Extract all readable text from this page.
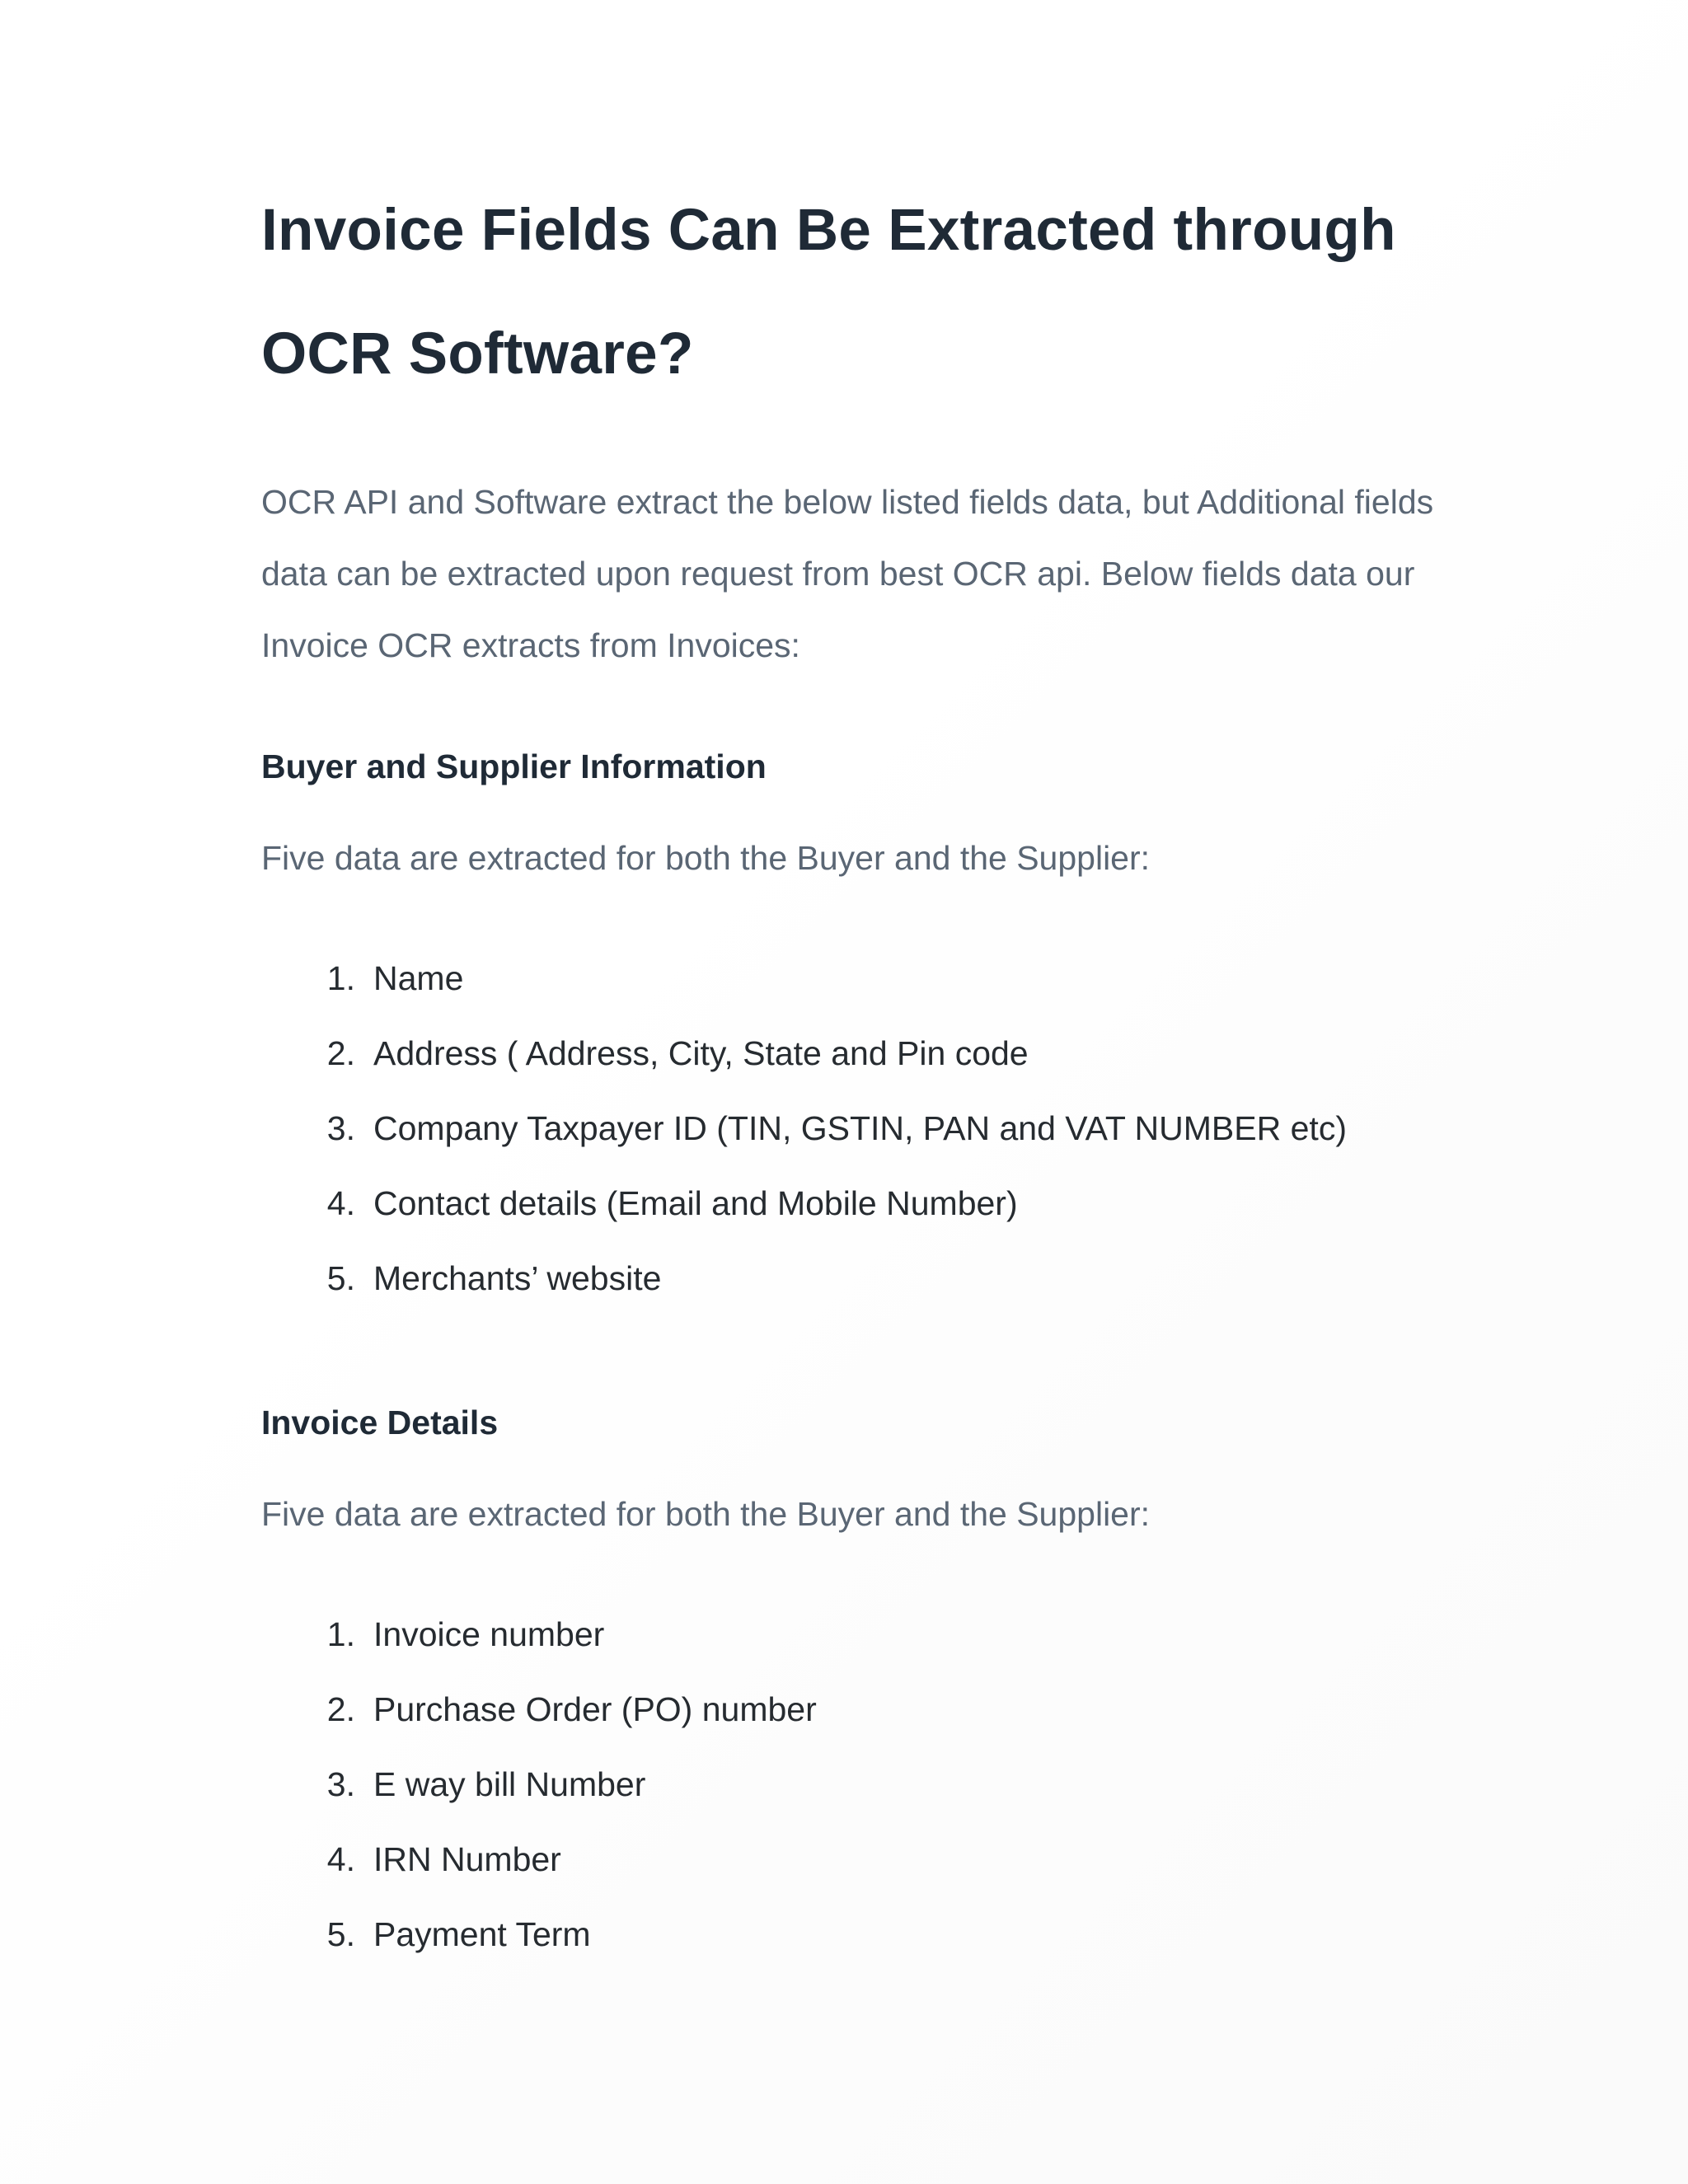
Invoice Fields Can Be Extracted through OCR Software?

OCR API and Software extract the below listed fields data, but Additional fields data can be extracted upon request from best OCR api. Below fields data our Invoice OCR extracts from Invoices:

Buyer and Supplier Information

Five data are extracted for both the Buyer and the Supplier:

1 . Name
2 . Address ( Address, City, State and Pin code
3 . Company Taxpayer ID (TIN, GSTIN, PAN and VAT NUMBER etc)
4 . Contact details (Email and Mobile Number)
5 . Merchants’ website
Invoice Details

Five data are extracted for both the Buyer and the Supplier:

1 . Invoice number
2 . Purchase Order (PO) number
3 . E way bill Number
4 . IRN Number
5 . Payment Term
